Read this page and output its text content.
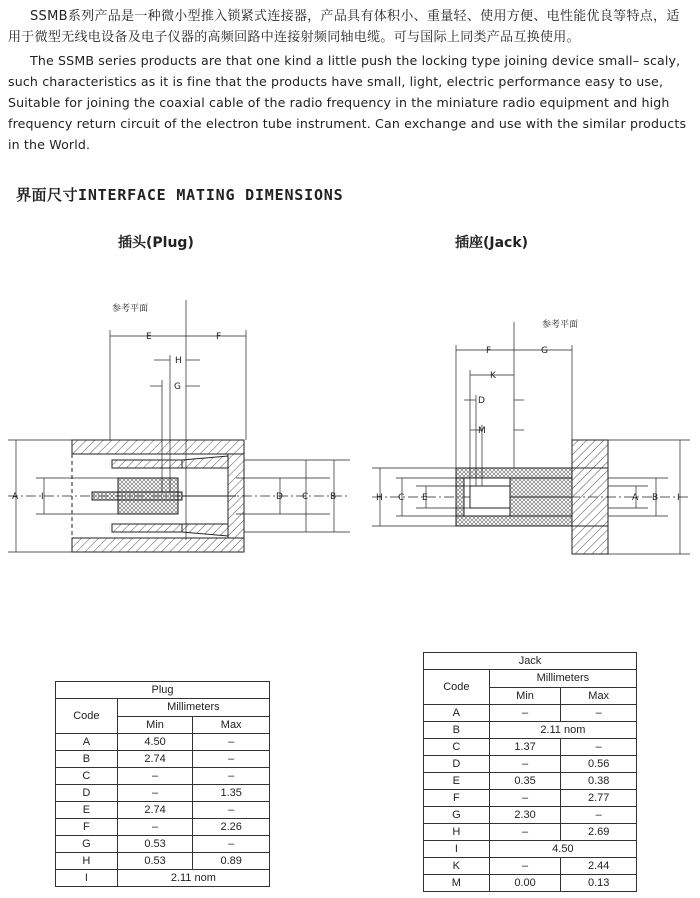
SSMB系列产品是一种微小型推入锁紧式连接器，产品具有体积小、重量轻、使用方便、电性能优良等特点，适用于微型无线电设备及电子仪器的高频回路中连接射频同轴电缆。可与国际上同类产品互换使用。
The SSMB series products are that one kind a little push the locking type joining device small– scaly,
such characteristics as it is fine that the products have small, light, electric performance easy to use,
Suitable for joining the coaxial cable of the radio frequency in the miniature radio equipment and high
frequency return circuit of the electron tube instrument. Can exchange and use with the similar products
in the World.
界面尺寸INTERFACE MATING DIMENSIONS
插头(Plug)	插座(Jack)
参考平面
E	F
H
G
A	I	D C B
参考平面
F	G
K
D
M
H C E	A B I
Plug		
Code	Millimeters	
	Min	Max
A	4.50	–
B	2.74	–
C	–	–
D	–	1.35
E	2.74	–
F	–	2.26
G	0.53	–
H	0.53	0.89
I	2.11 nom	
Jack		
Code	Millimeters	
	Min	Max
A	–	–
B	2.11 nom	
C	1.37	–
D	–	0.56
E	0.35	0.38
F	–	2.77
G	2.30	–
H	–	2.69
I	4.50	
K	–	2.44
M	0.00	0.13
